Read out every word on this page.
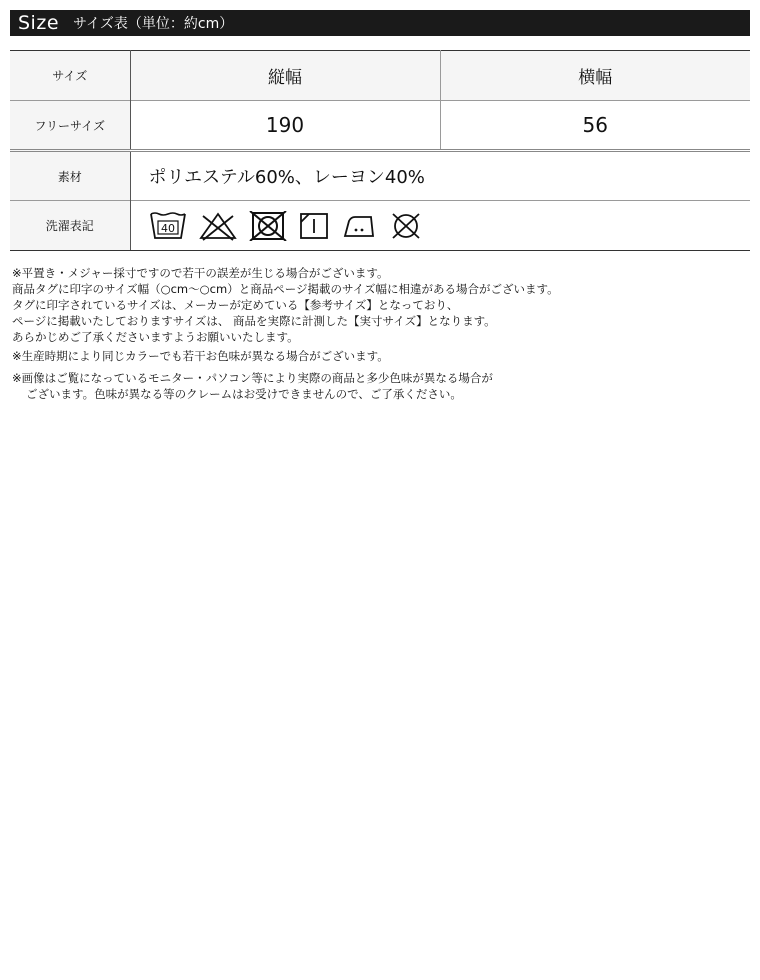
Size サイズ表（単位：約cm）
サイズ	縦幅	横幅
フリーサイズ	190	56
素材	ポリエステル60%、レーヨン40%	
洗濯表記	40	

※平置き・メジャー採寸ですので若干の誤差が生じる場合がございます。

商品タグに印字のサイズ幅（○cm～○cm）と商品ページ掲載のサイズ幅に相違がある場合がございます。

タグに印字されているサイズは、メーカーが定めている【参考サイズ】となっており、

ページに掲載いたしておりますサイズは、 商品を実際に計測した【実寸サイズ】となります。

あらかじめご了承くださいますようお願いいたします。

※生産時期により同じカラーでも若干お色味が異なる場合がございます。

※画像はご覧になっているモニター・パソコン等により実際の商品と多少色味が異なる場合が

ございます。色味が異なる等のクレームはお受けできませんので、ご了承ください。
